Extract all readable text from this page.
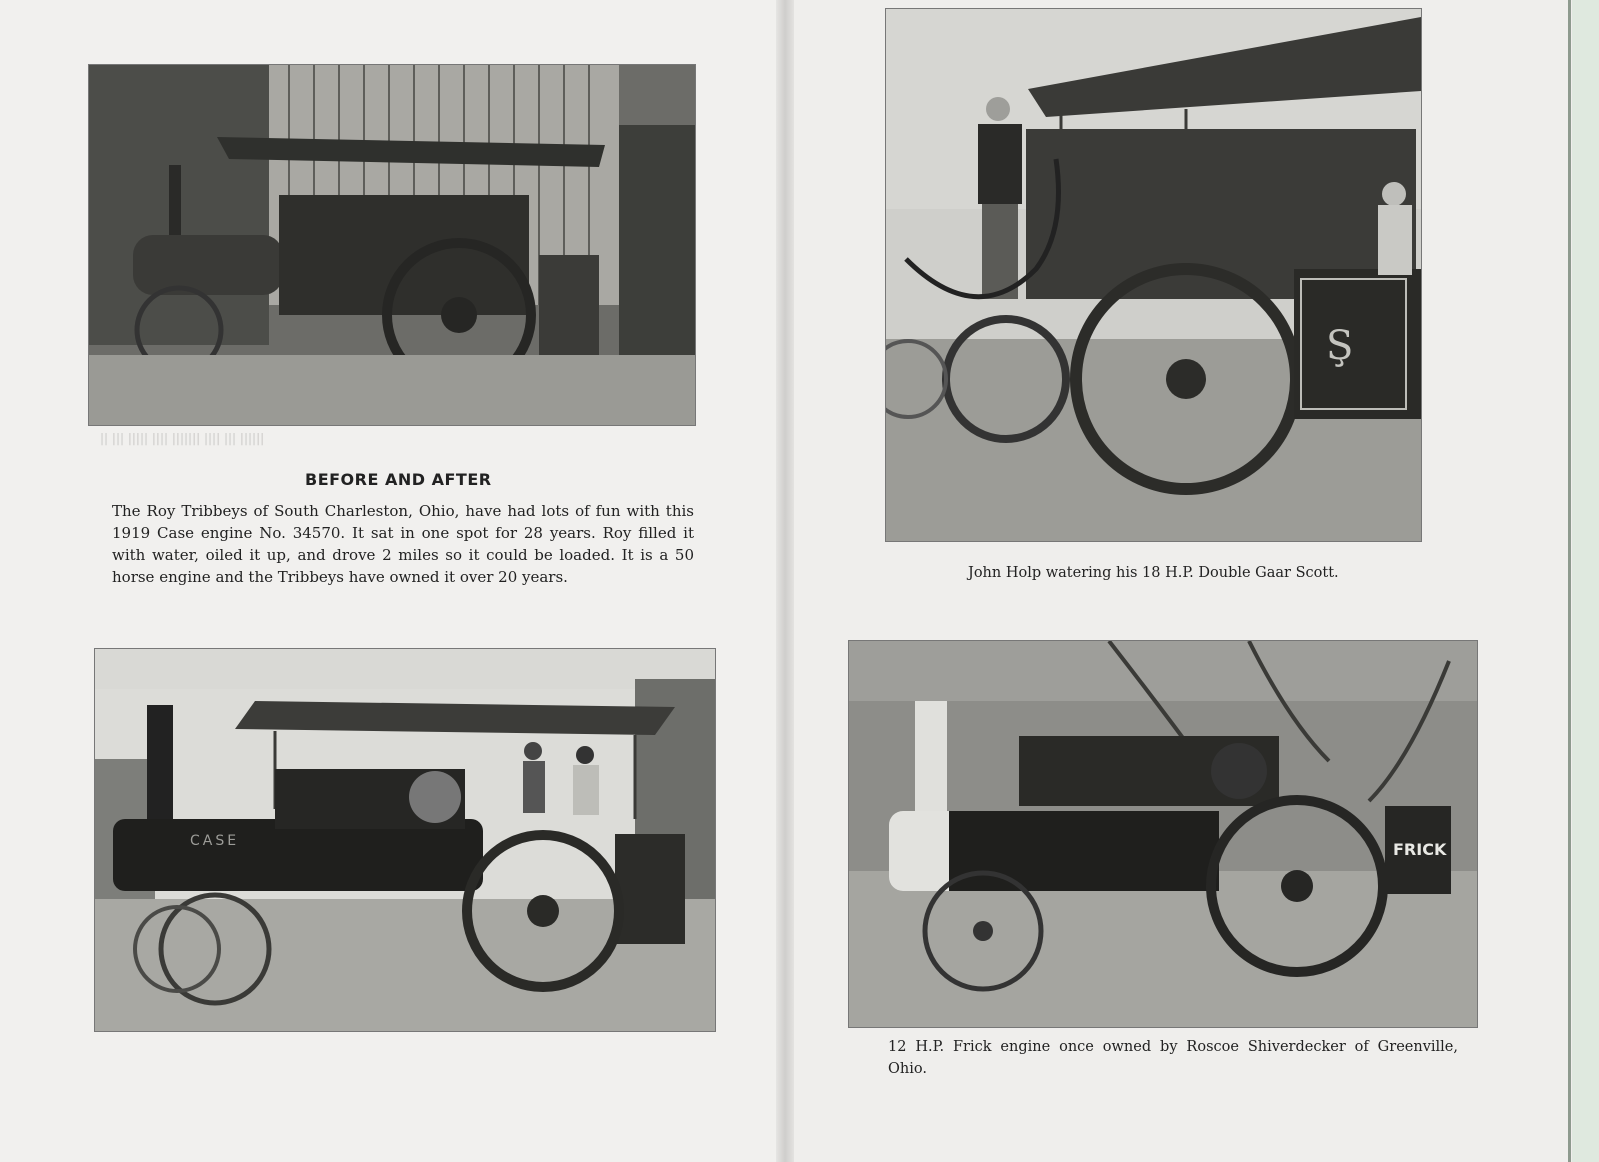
|| ||| ||||| |||| ||||||| |||| ||| ||||||
BEFORE AND AFTER
The Roy Tribbeys of South Charleston, Ohio, have had lots of fun with this 1919 Case engine No. 34570. It sat in one spot for 28 years. Roy filled it with water, oiled it up, and drove 2 miles so it could be loaded. It is a 50 horse engine and the Tribbeys have owned it over 20 years.
CASE
Ş
John Holp watering his 18 H.P. Double Gaar Scott.
FRICK
12 H.P. Frick engine once owned by Roscoe Shiverdecker of Greenville, Ohio.
